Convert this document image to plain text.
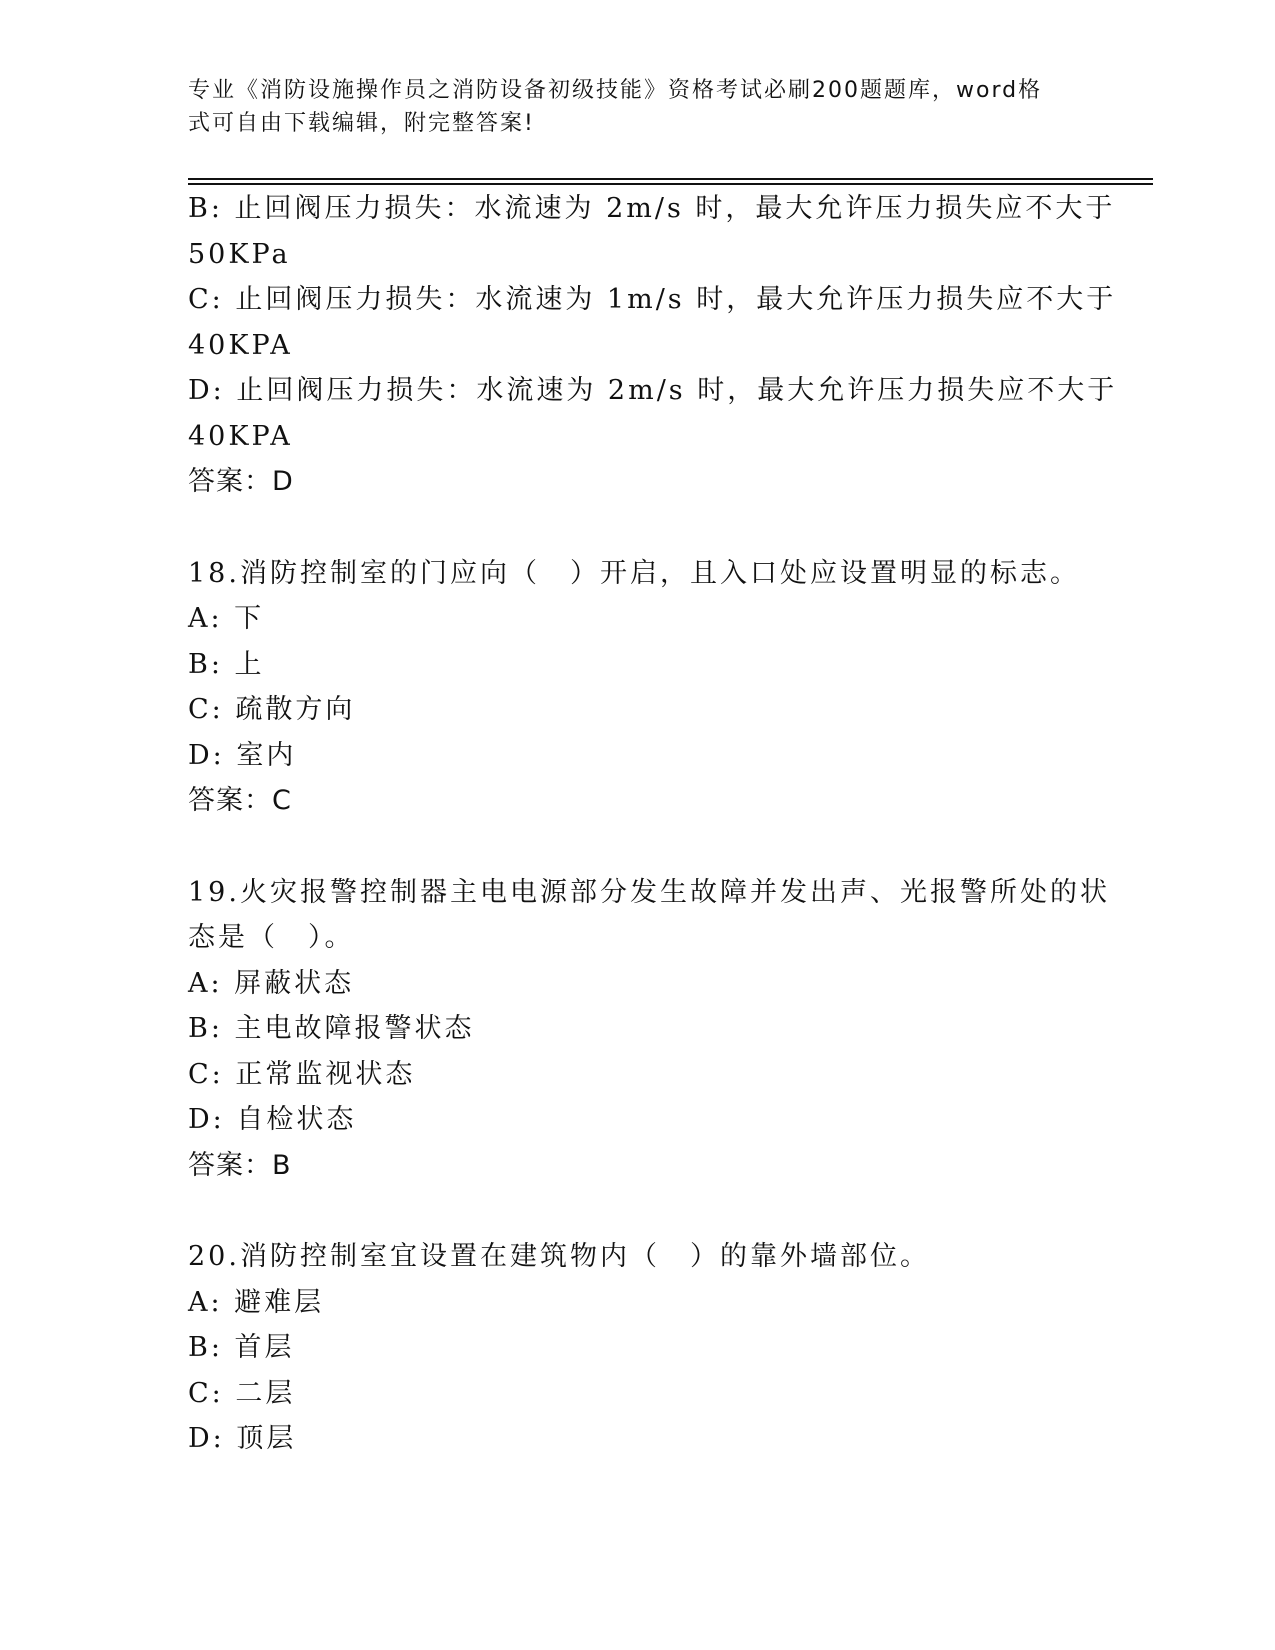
专业《消防设施操作员之消防设备初级技能》资格考试必刷200题题库，word格
式可自由下载编辑，附完整答案!
B: 止回阀压力损失：水流速为 2m/s 时，最大允许压力损失应不大于
50KPa
C: 止回阀压力损失：水流速为 1m/s 时，最大允许压力损失应不大于
40KPA
D: 止回阀压力损失：水流速为 2m/s 时，最大允许压力损失应不大于
40KPA
答案：D
18.消防控制室的门应向（　）开启，且入口处应设置明显的标志。
A: 下
B: 上
C: 疏散方向
D: 室内
答案：C
19.火灾报警控制器主电电源部分发生故障并发出声、光报警所处的状
态是（　）。
A: 屏蔽状态
B: 主电故障报警状态
C: 正常监视状态
D: 自检状态
答案：B
20.消防控制室宜设置在建筑物内（　）的靠外墙部位。
A: 避难层
B: 首层
C: 二层
D: 顶层
